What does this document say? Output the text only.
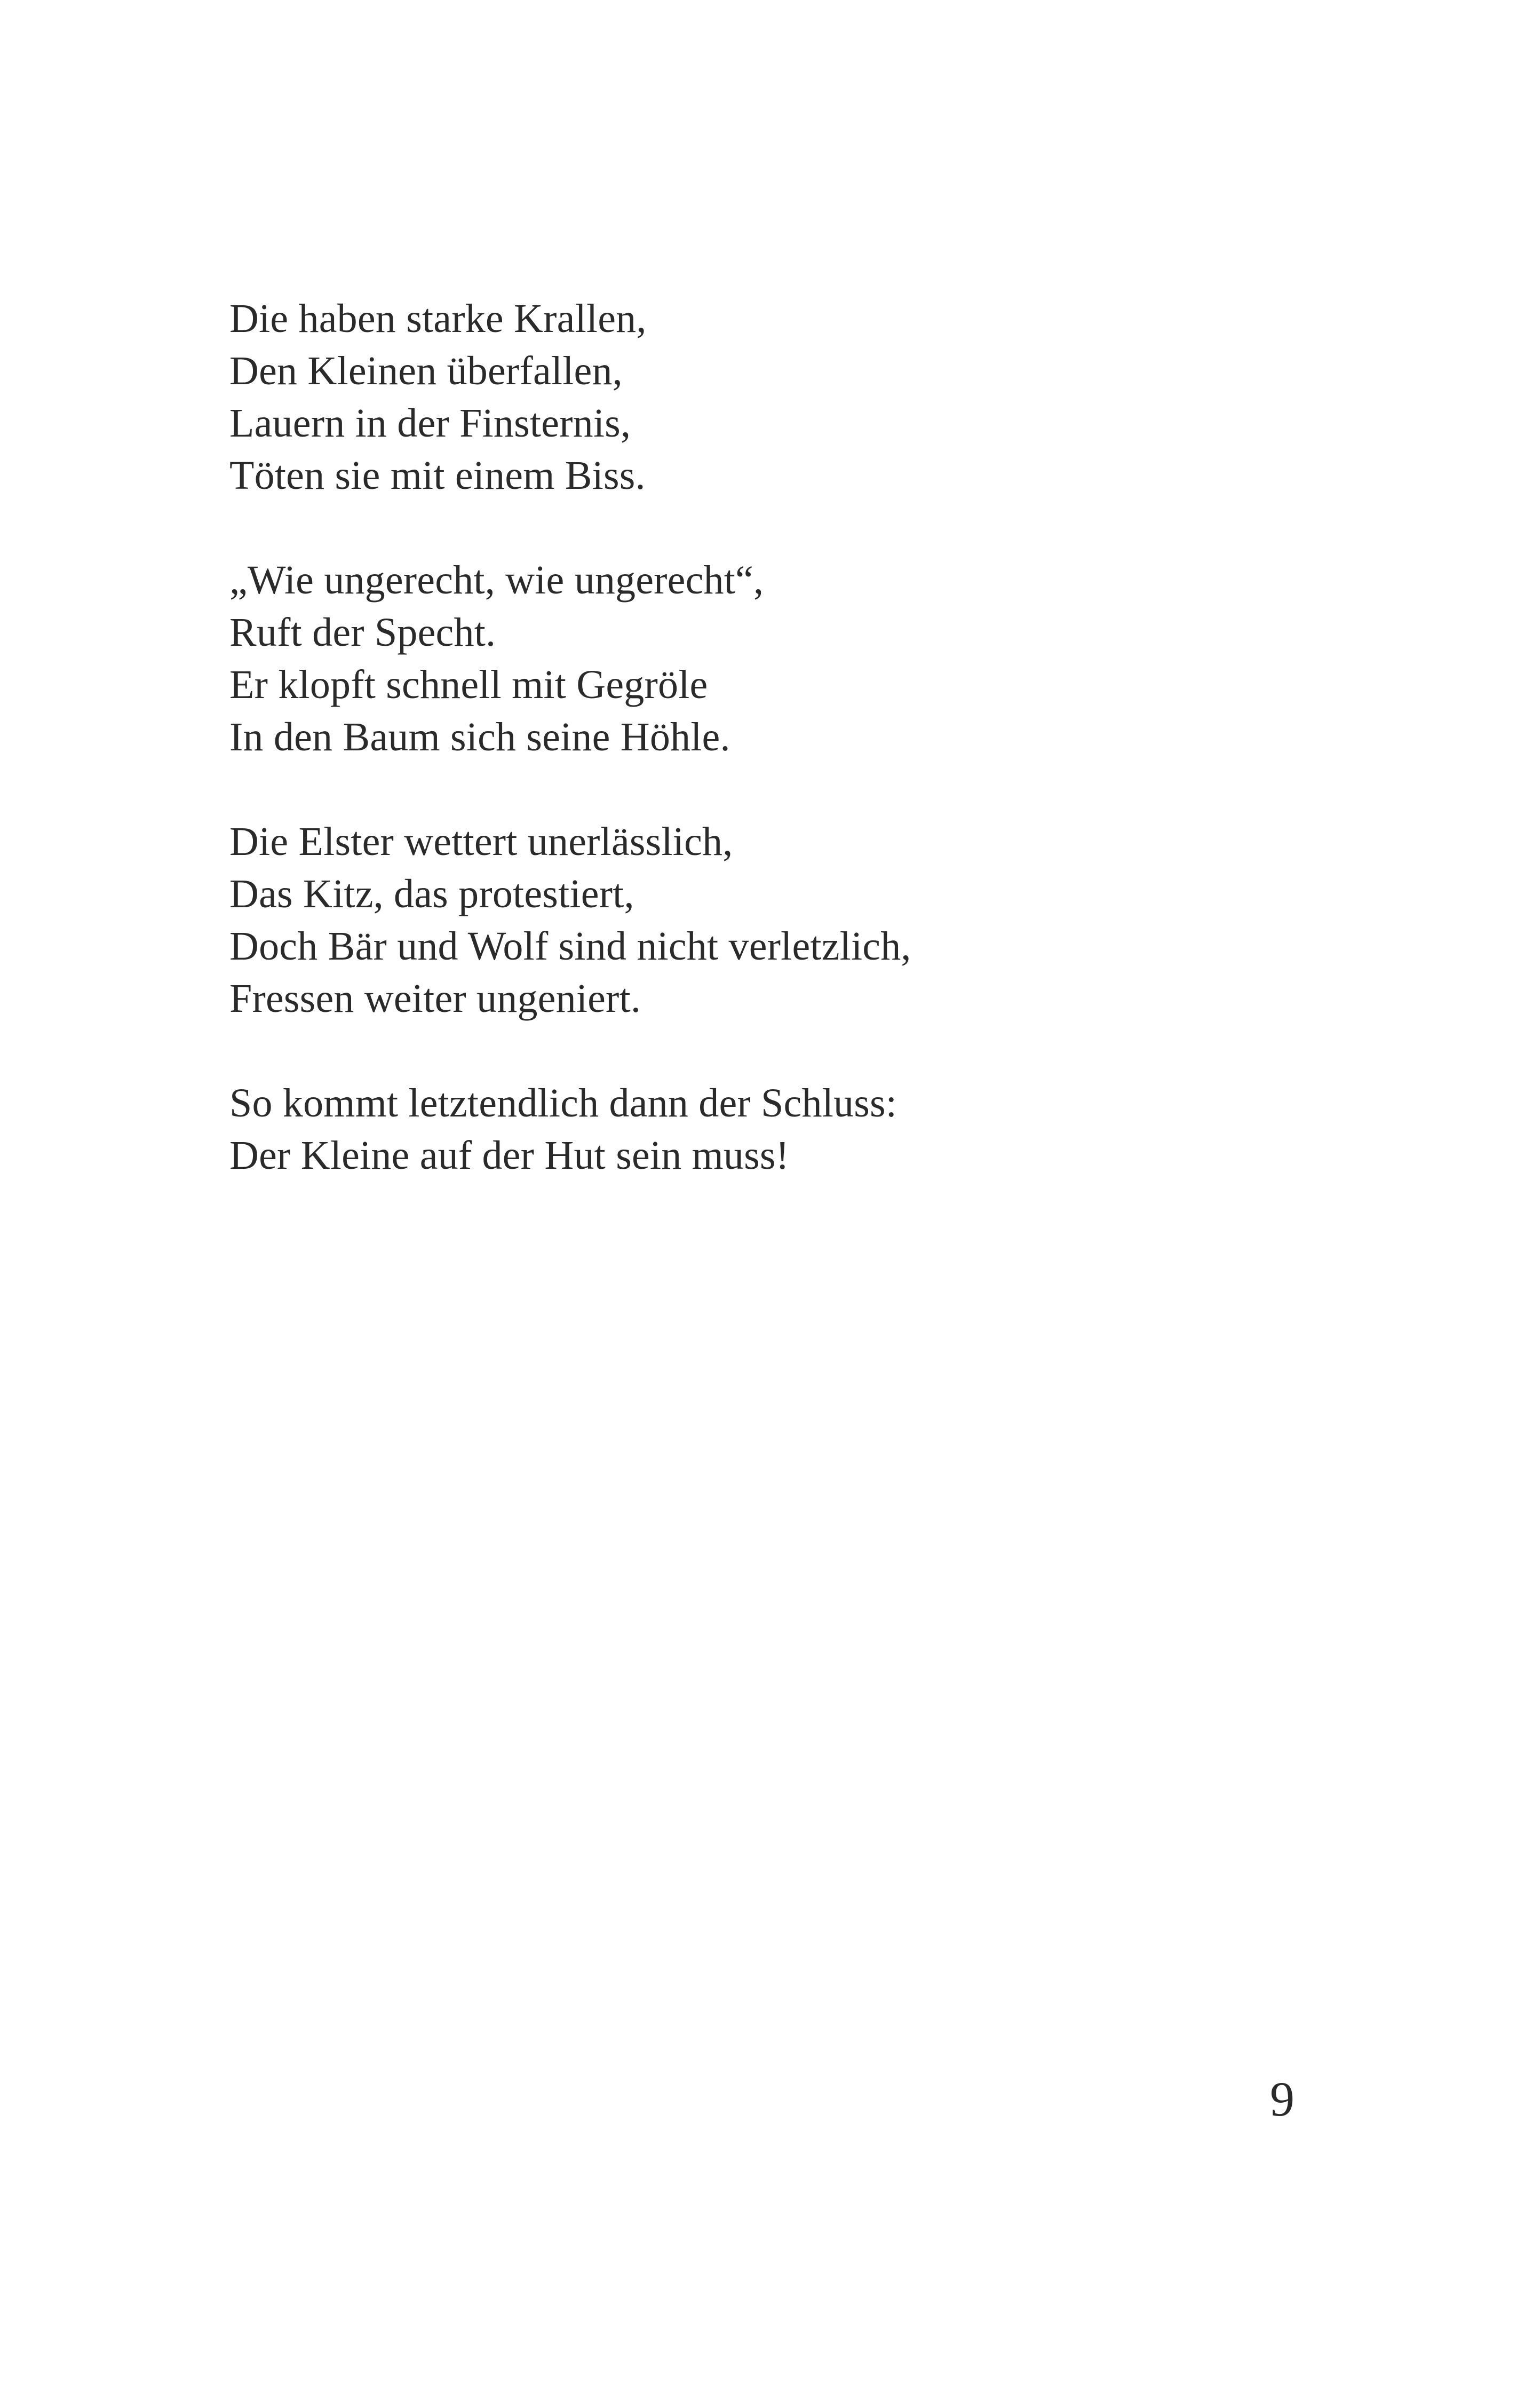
Die haben starke Krallen,
Den Kleinen überfallen,
Lauern in der Finsternis,
Töten sie mit einem Biss.
„Wie ungerecht, wie ungerecht“,
Ruft der Specht.
Er klopft schnell mit Gegröle
In den Baum sich seine Höhle.
Die Elster wettert unerlässlich,
Das Kitz, das protestiert,
Doch Bär und Wolf sind nicht verletzlich,
Fressen weiter ungeniert.
So kommt letztendlich dann der Schluss:
Der Kleine auf der Hut sein muss!
9
